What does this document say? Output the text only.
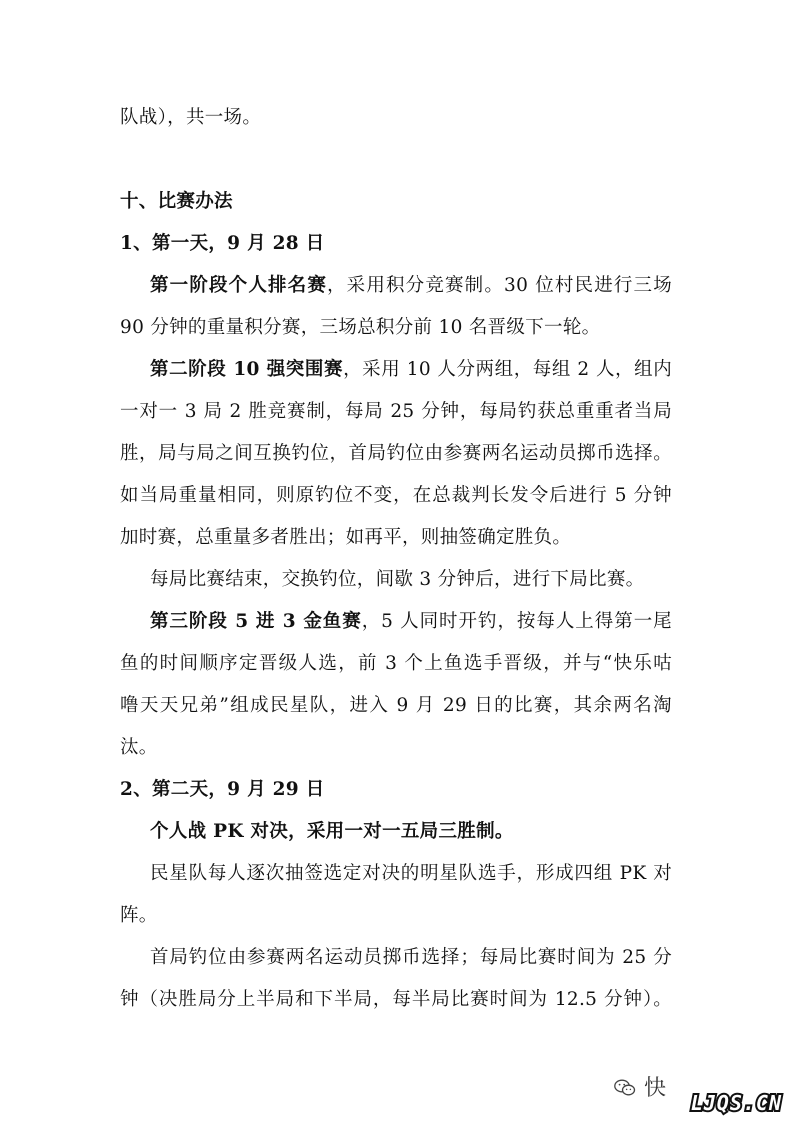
队战），共一场。
十、比赛办法
1、第一天，9 月 28 日
第一阶段个人排名赛，采用积分竞赛制。30 位村民进行三场
90 分钟的重量积分赛，三场总积分前 10 名晋级下一轮。
第二阶段 10 强突围赛，采用 10 人分两组，每组 2 人，组内
一对一 3 局 2 胜竞赛制，每局 25 分钟，每局钓获总重重者当局
胜，局与局之间互换钓位，首局钓位由参赛两名运动员掷币选择。
如当局重量相同，则原钓位不变，在总裁判长发令后进行 5 分钟
加时赛，总重量多者胜出；如再平，则抽签确定胜负。
每局比赛结束，交换钓位，间歇 3 分钟后，进行下局比赛。
第三阶段 5 进 3 金鱼赛，5 人同时开钓，按每人上得第一尾
鱼的时间顺序定晋级人选，前 3 个上鱼选手晋级，并与“快乐咕
噜天天兄弟”组成民星队，进入 9 月 29 日的比赛，其余两名淘
汰。
2、第二天，9 月 29 日
个人战 PK 对决，采用一对一五局三胜制。
民星队每人逐次抽签选定对决的明星队选手，形成四组 PK 对
阵。
首局钓位由参赛两名运动员掷币选择；每局比赛时间为 25 分
钟（决胜局分上半局和下半局，每半局比赛时间为 12.5 分钟）。
快
LJQS.CN
